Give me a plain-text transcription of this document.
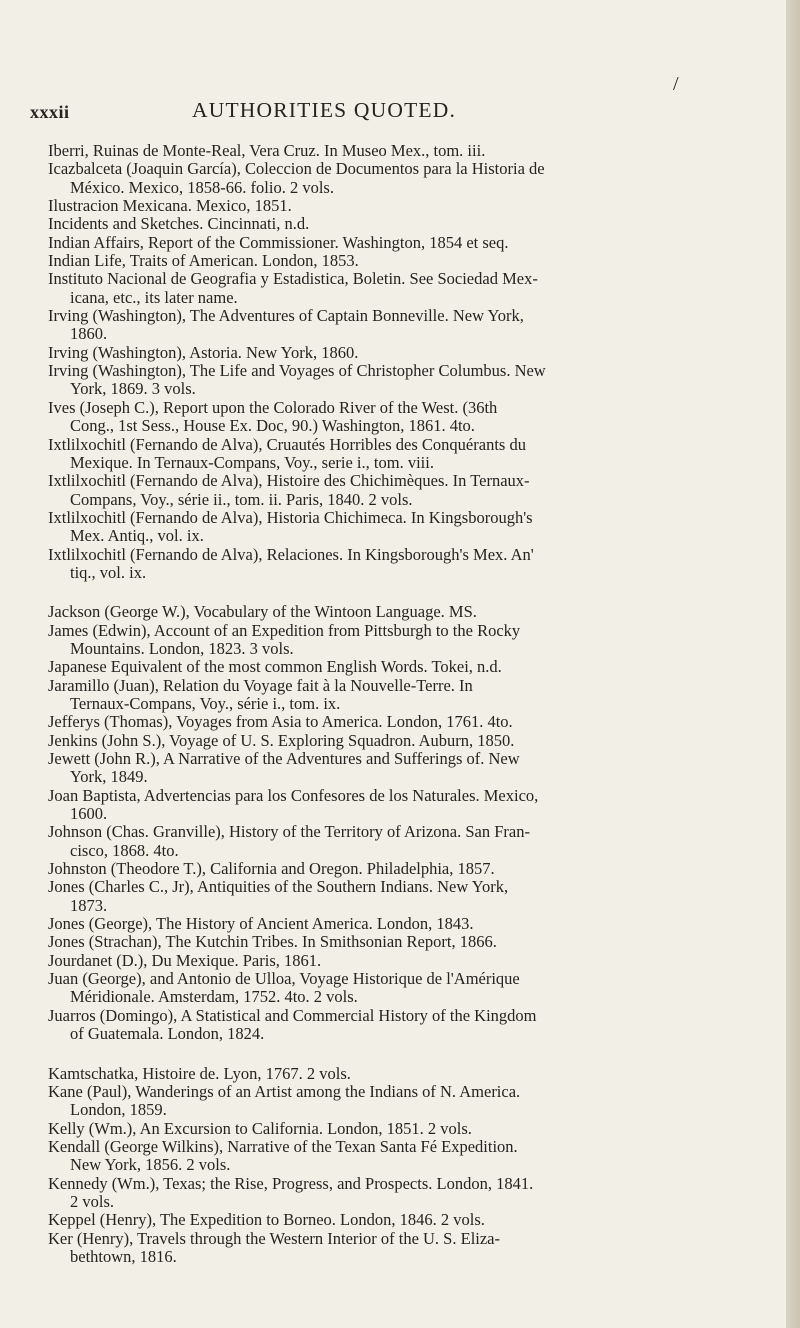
/
xxxii	AUTHORITIES QUOTED.

Iberri, Ruinas de Monte-Real, Vera Cruz. In Museo Mex., tom. iii.

Icazbalceta (Joaquin García), Coleccion de Documentos para la Historia de
México. Mexico, 1858-66. folio. 2 vols.

Ilustracion Mexicana. Mexico, 1851.

Incidents and Sketches. Cincinnati, n.d.

Indian Affairs, Report of the Commissioner. Washington, 1854 et seq.

Indian Life, Traits of American. London, 1853.

Instituto Nacional de Geografia y Estadistica, Boletin. See Sociedad Mex-
icana, etc., its later name.

Irving (Washington), The Adventures of Captain Bonneville. New York,
1860.

Irving (Washington), Astoria. New York, 1860.

Irving (Washington), The Life and Voyages of Christopher Columbus. New
York, 1869. 3 vols.

Ives (Joseph C.), Report upon the Colorado River of the West. (36th
Cong., 1st Sess., House Ex. Doc, 90.) Washington, 1861. 4to.

Ixtlilxochitl (Fernando de Alva), Cruautés Horribles des Conquérants du
Mexique. In Ternaux-Compans, Voy., serie i., tom. viii.

Ixtlilxochitl (Fernando de Alva), Histoire des Chichimèques. In Ternaux-
Compans, Voy., série ii., tom. ii. Paris, 1840. 2 vols.

Ixtlilxochitl (Fernando de Alva), Historia Chichimeca. In Kingsborough's
Mex. Antiq., vol. ix.

Ixtlilxochitl (Fernando de Alva), Relaciones. In Kingsborough's Mex. An'
tiq., vol. ix.

Jackson (George W.), Vocabulary of the Wintoon Language. MS.

James (Edwin), Account of an Expedition from Pittsburgh to the Rocky
Mountains. London, 1823. 3 vols.

Japanese Equivalent of the most common English Words. Tokei, n.d.

Jaramillo (Juan), Relation du Voyage fait à la Nouvelle-Terre. In
Ternaux-Compans, Voy., série i., tom. ix.

Jefferys (Thomas), Voyages from Asia to America. London, 1761. 4to.

Jenkins (John S.), Voyage of U. S. Exploring Squadron. Auburn, 1850.

Jewett (John R.), A Narrative of the Adventures and Sufferings of. New
York, 1849.

Joan Baptista, Advertencias para los Confesores de los Naturales. Mexico,
1600.

Johnson (Chas. Granville), History of the Territory of Arizona. San Fran-
cisco, 1868. 4to.

Johnston (Theodore T.), California and Oregon. Philadelphia, 1857.

Jones (Charles C., Jr), Antiquities of the Southern Indians. New York,
1873.

Jones (George), The History of Ancient America. London, 1843.

Jones (Strachan), The Kutchin Tribes. In Smithsonian Report, 1866.

Jourdanet (D.), Du Mexique. Paris, 1861.

Juan (George), and Antonio de Ulloa, Voyage Historique de l'Amérique
Méridionale. Amsterdam, 1752. 4to. 2 vols.

Juarros (Domingo), A Statistical and Commercial History of the Kingdom
of Guatemala. London, 1824.

Kamtschatka, Histoire de. Lyon, 1767. 2 vols.

Kane (Paul), Wanderings of an Artist among the Indians of N. America.
London, 1859.

Kelly (Wm.), An Excursion to California. London, 1851. 2 vols.

Kendall (George Wilkins), Narrative of the Texan Santa Fé Expedition.
New York, 1856. 2 vols.

Kennedy (Wm.), Texas; the Rise, Progress, and Prospects. London, 1841.
2 vols.

Keppel (Henry), The Expedition to Borneo. London, 1846. 2 vols.

Ker (Henry), Travels through the Western Interior of the U. S. Eliza-
bethtown, 1816.
